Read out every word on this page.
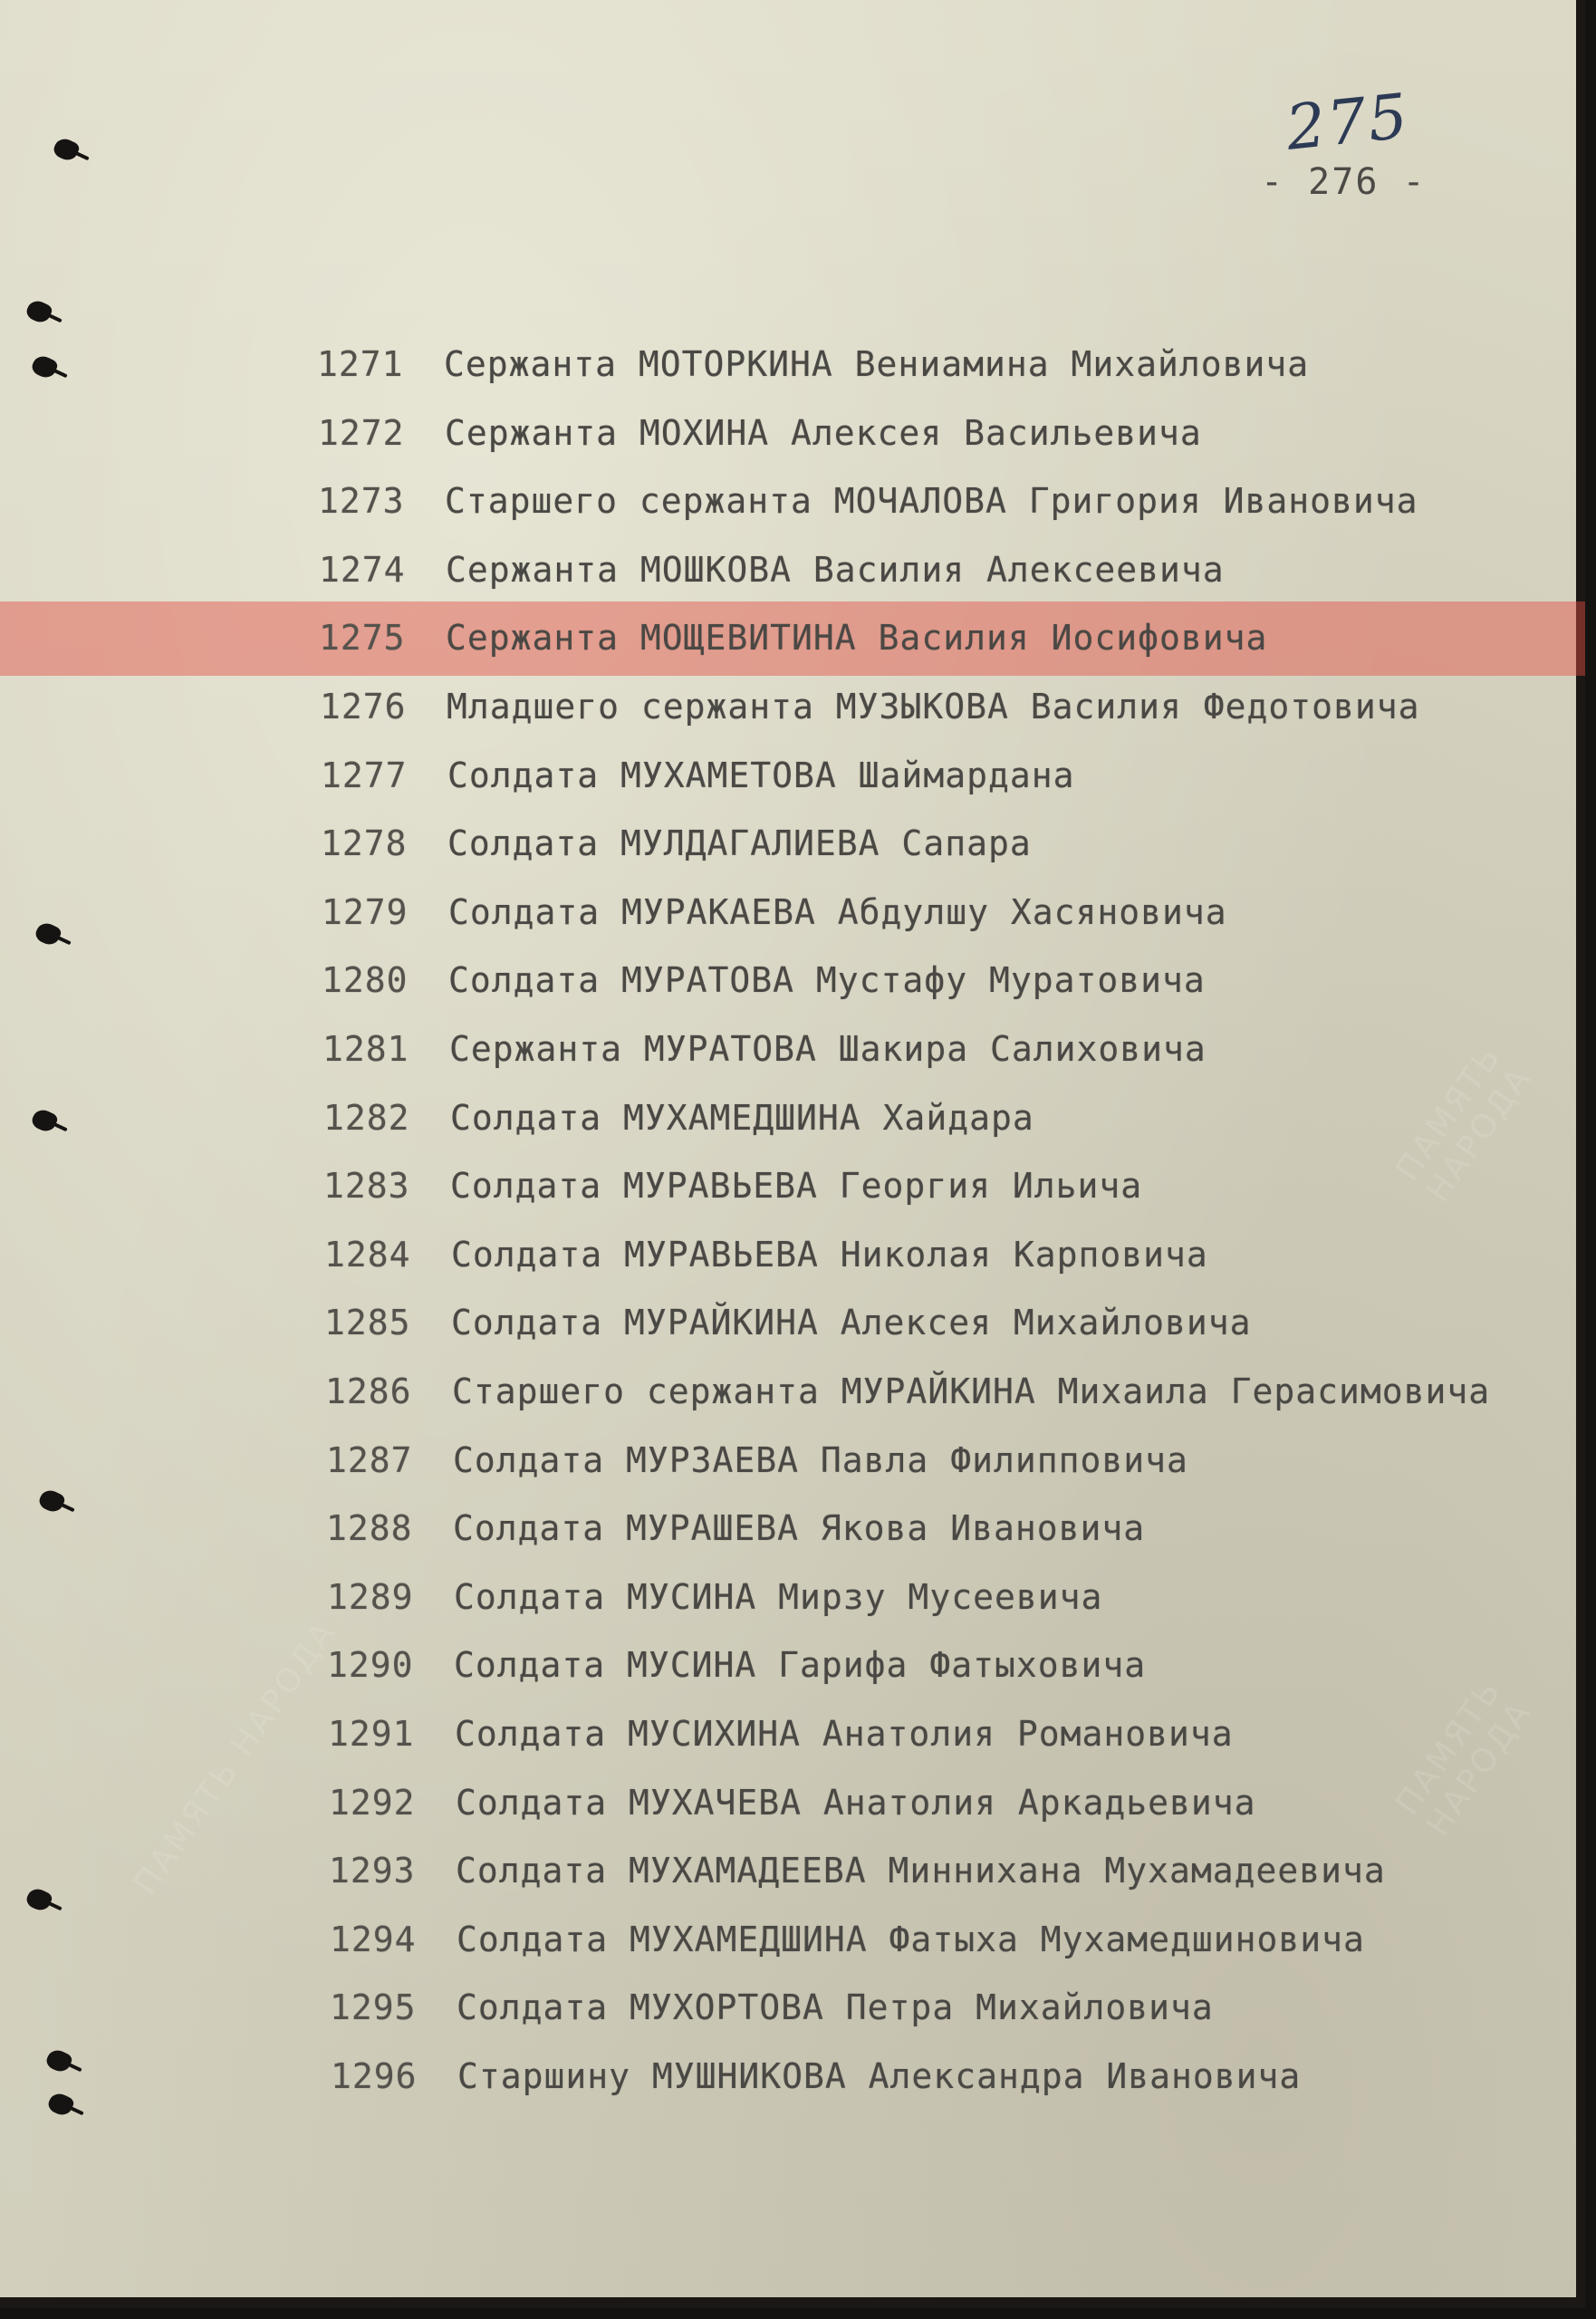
275
- 276 -
ПАМЯТЬ НАРОДА
ПАМЯТЬ НАРОДА
ПАМЯТЬ НАРОДА
1271	Сержанта МОТОРКИНА Вениамина Михайловича
1272	Сержанта МОХИНА Алексея Васильевича
1273	Старшего сержанта МОЧАЛОВА Григория Ивановича
1274	Сержанта МОШКОВА Василия Алексеевича
1275	Сержанта МОЩЕВИТИНА Василия Иосифовича
1276	Младшего сержанта МУЗЫКОВА Василия Федотовича
1277	Солдата МУХАМЕТОВА Шаймардана
1278	Солдата МУЛДАГАЛИЕВА Сапара
1279	Солдата МУРАКАЕВА Абдулшу Хасяновича
1280	Солдата МУРАТОВА Мустафу Муратовича
1281	Сержанта МУРАТОВА Шакира Салиховича
1282	Солдата МУХАМЕДШИНА Хайдара
1283	Солдата МУРАВЬЕВА Георгия Ильича
1284	Солдата МУРАВЬЕВА Николая Карповича
1285	Солдата МУРАЙКИНА Алексея Михайловича
1286	Старшего сержанта МУРАЙКИНА Михаила Герасимовича
1287	Солдата МУРЗАЕВА Павла Филипповича
1288	Солдата МУРАШЕВА Якова Ивановича
1289	Солдата МУСИНА Мирзу Мусеевича
1290	Солдата МУСИНА Гарифа Фатыховича
1291	Солдата МУСИХИНА Анатолия Романовича
1292	Солдата МУХАЧЕВА Анатолия Аркадьевича
1293	Солдата МУХАМАДЕЕВА Миннихана Мухамадеевича
1294	Солдата МУХАМЕДШИНА Фатыха Мухамедшиновича
1295	Солдата МУХОРТОВА Петра Михайловича
1296	Старшину МУШНИКОВА Александра Ивановича
